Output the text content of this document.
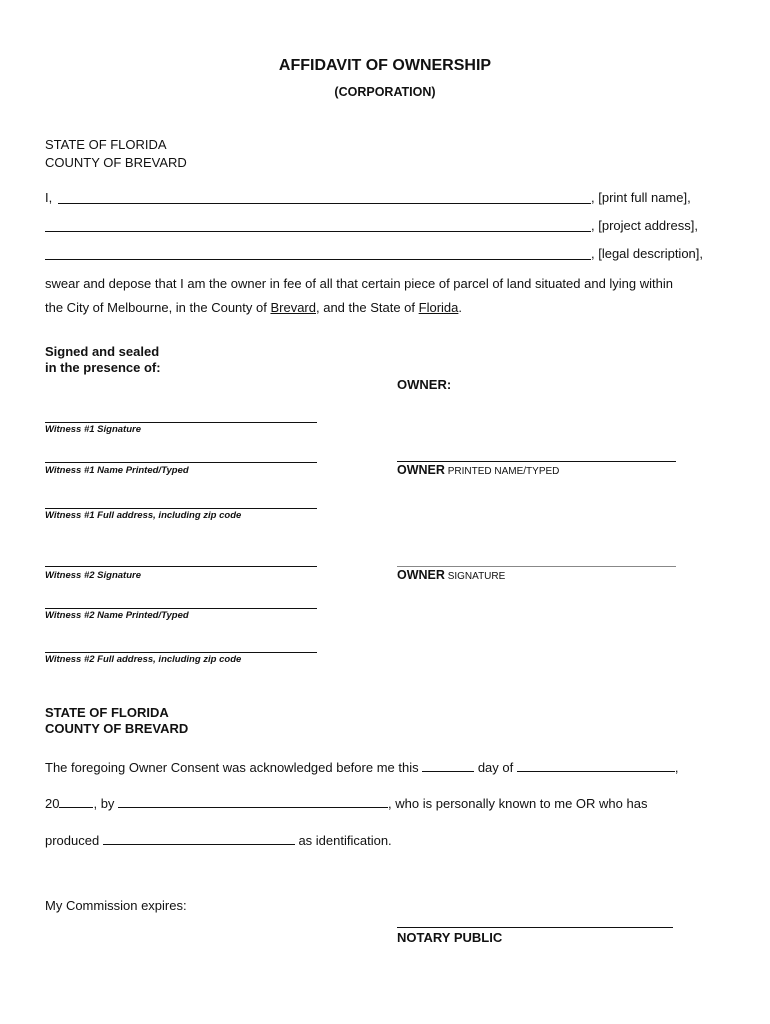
AFFIDAVIT OF OWNERSHIP
(CORPORATION)
STATE OF FLORIDA
COUNTY OF BREVARD
I,	, [print full name],
, [project address],
, [legal description],
swear and depose that I am the owner in fee of all that certain piece of parcel of land situated and lying within
the City of Melbourne, in the County of Brevard, and the State of Florida.
Signed and sealed
in the presence of:
OWNER:
Witness #1 Signature
Witness #1 Name Printed/Typed
Witness #1 Full address, including zip code
OWNER PRINTED NAME/TYPED
Witness #2 Signature
Witness #2 Name Printed/Typed
Witness #2 Full address, including zip code
OWNER SIGNATURE
STATE OF FLORIDA
COUNTY OF BREVARD
The foregoing Owner Consent was acknowledged before me this	day of	,
20	, by	, who is personally known to me OR who has
produced	as identification.
My Commission expires:
NOTARY PUBLIC
